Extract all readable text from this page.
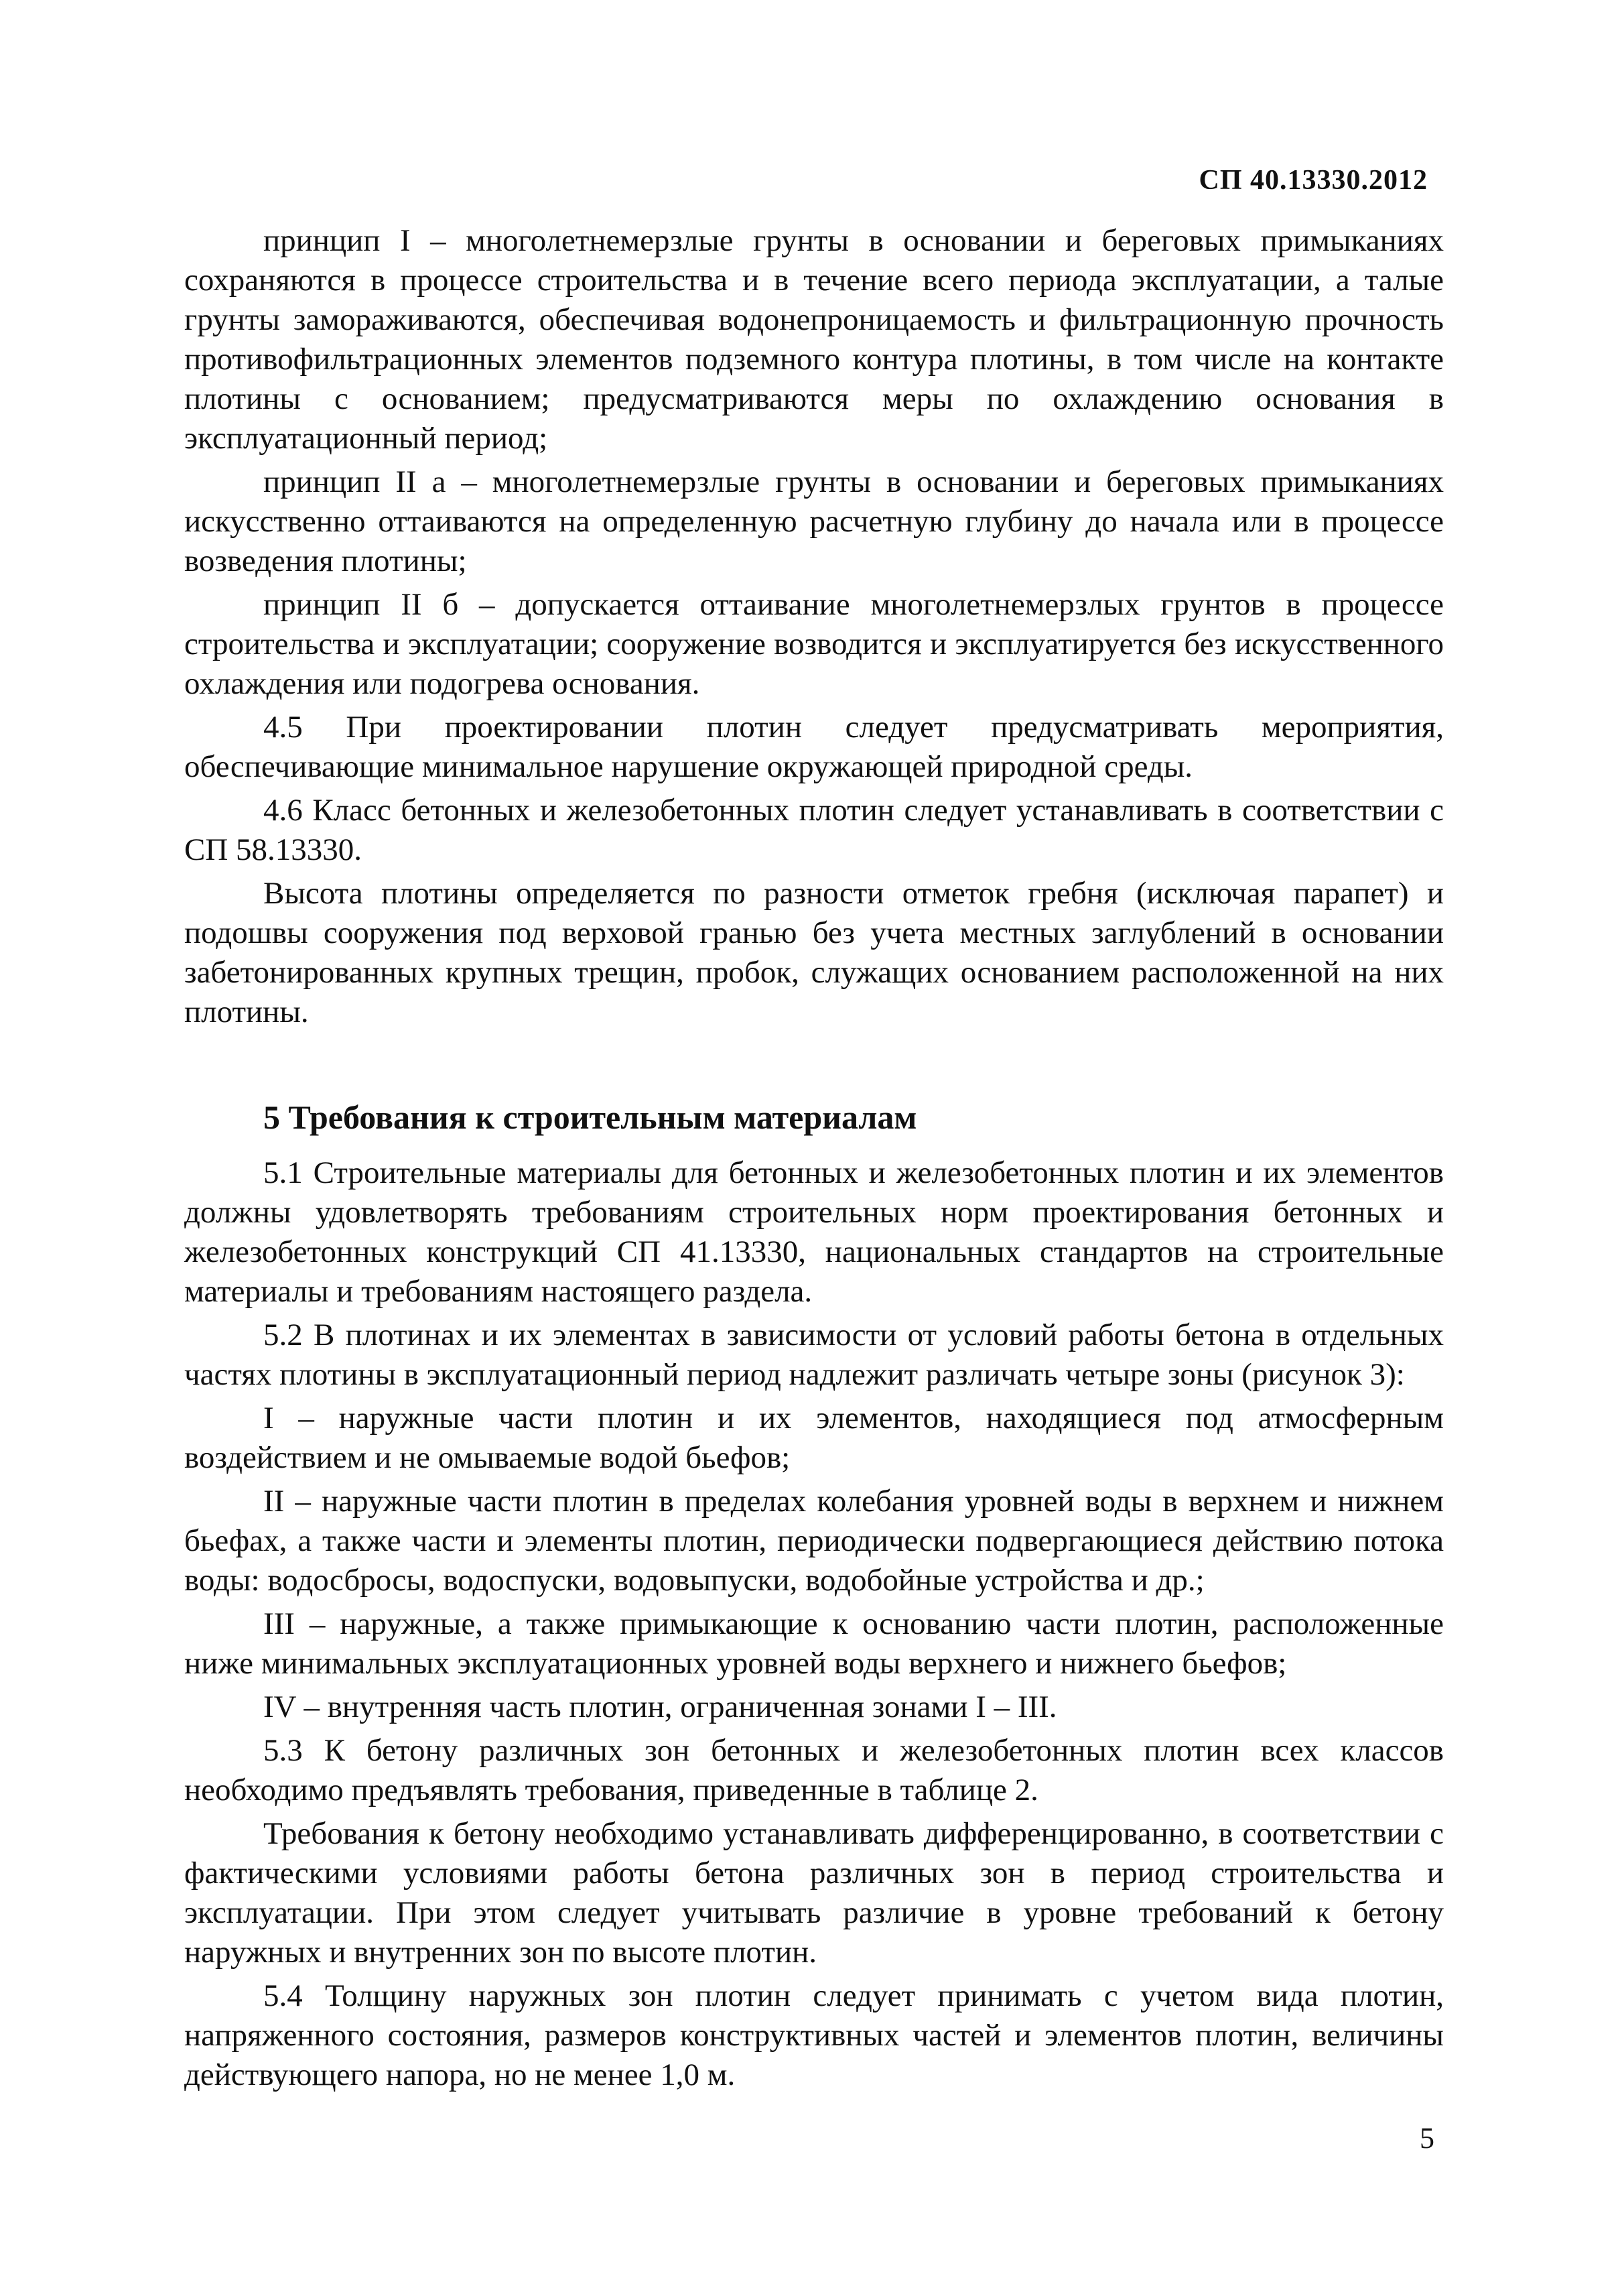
СП 40.13330.2012

принцип I – многолетнемерзлые грунты в основании и береговых примыканиях сохраняются в процессе строительства и в течение всего периода эксплуатации, а талые грунты замораживаются, обеспечивая водонепроницаемость и фильтрационную прочность противофильтрационных элементов подземного контура плотины, в том числе на контакте плотины с основанием; предусматриваются меры по охлаждению основания в эксплуатационный период;

принцип II а – многолетнемерзлые грунты в основании и береговых примыканиях искусственно оттаиваются на определенную расчетную глубину до начала или в процессе возведения плотины;

принцип II б – допускается оттаивание многолетнемерзлых грунтов в процессе строительства и эксплуатации; сооружение возводится и эксплуатируется без искусственного охлаждения или подогрева основания.

4.5 При проектировании плотин следует предусматривать мероприятия, обеспечивающие минимальное нарушение окружающей природной среды.

4.6 Класс бетонных и железобетонных плотин следует устанавливать в соответствии с СП 58.13330.

Высота плотины определяется по разности отметок гребня (исключая парапет) и подошвы сооружения под верховой гранью без учета местных заглублений в основании забетонированных крупных трещин, пробок, служащих основанием расположенной на них плотины.

5 Требования к строительным материалам

5.1 Строительные материалы для бетонных и железобетонных плотин и их элементов должны удовлетворять требованиям строительных норм проектирования бетонных и железобетонных конструкций СП 41.13330, национальных стандартов на строительные материалы и требованиям настоящего раздела.

5.2 В плотинах и их элементах в зависимости от условий работы бетона в отдельных частях плотины в эксплуатационный период надлежит различать четыре зоны (рисунок 3):

I – наружные части плотин и их элементов, находящиеся под атмосферным воздействием и не омываемые водой бьефов;

II – наружные части плотин в пределах колебания уровней воды в верхнем и нижнем бьефах, а также части и элементы плотин, периодически подвергающиеся действию потока воды: водосбросы, водоспуски, водовыпуски, водобойные устройства и др.;

III – наружные, а также примыкающие к основанию части плотин, расположенные ниже минимальных эксплуатационных уровней воды верхнего и нижнего бьефов;

IV – внутренняя часть плотин, ограниченная зонами I – III.

5.3 К бетону различных зон бетонных и железобетонных плотин всех классов необходимо предъявлять требования, приведенные в таблице 2.

Требования к бетону необходимо устанавливать дифференцированно, в соответствии с фактическими условиями работы бетона различных зон в период строительства и эксплуатации. При этом следует учитывать различие в уровне требований к бетону наружных и внутренних зон по высоте плотин.

5.4 Толщину наружных зон плотин следует принимать с учетом вида плотин, напряженного состояния, размеров конструктивных частей и элементов плотин, величины действующего напора, но не менее 1,0 м.

5
